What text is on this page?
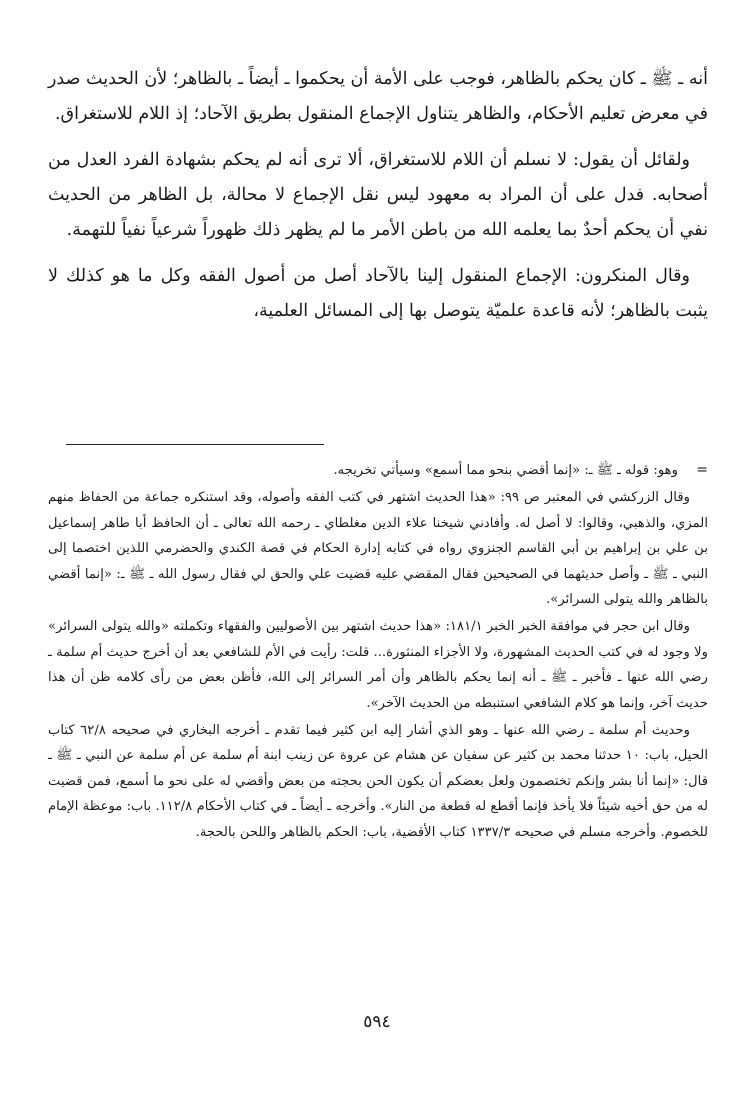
أنه ـ ﷺ ـ كان يحكم بالظاهر، فوجب على الأمة أن يحكموا ـ أيضاً ـ بالظاهر؛ لأن الحديث صدر في معرض تعليم الأحكام، والظاهر يتناول الإجماع المنقول بطريق الآحاد؛ إذ اللام للاستغراق.

ولقائل أن يقول: لا نسلم أن اللام للاستغراق، ألا ترى أنه لم يحكم بشهادة الفرد العدل من أصحابه. فدل على أن المراد به معهود ليس نقل الإجماع لا محالة، بل الظاهر من الحديث نفي أن يحكم أحدٌ بما يعلمه الله من باطن الأمر ما لم يظهر ذلك ظهوراً شرعياً نفياً للتهمة.

وقال المنكرون: الإجماع المنقول إلينا بالآحاد أصل من أصول الفقه وكل ما هو كذلك لا يثبت بالظاهر؛ لأنه قاعدة علميّة يتوصل بها إلى المسائل العلمية،

=

وهو: قوله ـ ﷺ ـ: «إنما أقضي بنحو مما أسمع» وسيأتي تخريجه.

وقال الزركشي في المعتبر ص ٩٩: «هذا الحديث اشتهر في كتب الفقه وأصوله، وقد استنكره جماعة من الحفاظ منهم المزي، والذهبي، وقالوا: لا أصل له. وأفادني شيخنا علاء الدين مغلطاي ـ رحمه الله تعالى ـ أن الحافظ أبا طاهر إسماعيل بن علي بن إبراهيم بن أبي القاسم الجنزوي رواه في كتابه إدارة الحكام في قصة الكندي والحضرمي اللذين اختصما إلى النبي ـ ﷺ ـ وأصل حديثهما في الصحيحين فقال المقضي عليه قضيت علي والحق لي فقال رسول الله ـ ﷺ ـ: «إنما أقضي بالظاهر والله يتولى السرائر».

وقال ابن حجر في موافقة الخبر الخبر ١٨١/١: «هذا حديث اشتهر بين الأصوليين والفقهاء وتكملته «والله يتولى السرائر» ولا وجود له في كتب الحديث المشهورة، ولا الأجزاء المنثورة... قلت: رأيت في الأم للشافعي بعد أن أخرج حديث أم سلمة ـ رضي الله عنها ـ فأخبر ـ ﷺ ـ أنه إنما يحكم بالظاهر وأن أمر السرائر إلى الله، فأظن بعض من رأى كلامه ظن أن هذا حديث آخر، وإنما هو كلام الشافعي استنبطه من الحديث الآخر».

وحديث أم سلمة ـ رضي الله عنها ـ وهو الذي أشار إليه ابن كثير فيما تقدم ـ أخرجه البخاري في صحيحه ٦٢/٨ كتاب الحيل، باب: ١٠ حدثنا محمد بن كثير عن سفيان عن هشام عن عروة عن زينب ابنة أم سلمة عن أم سلمة عن النبي ـ ﷺ ـ قال: «إنما أنا بشر وإنكم تختصمون ولعل بعضكم أن يكون الحن بحجته من بعض وأقضي له على نحو ما أسمع، فمن قضيت له من حق أخيه شيئاً فلا يأخذ فإنما أقطع له قطعة من النار». وأخرجه ـ أيضاً ـ في كتاب الأحكام ١١٢/٨. باب: موعظة الإمام للخصوم. وأخرجه مسلم في صحيحه ١٣٣٧/٣ كتاب الأقضية، باب: الحكم بالظاهر واللحن بالحجة.

٥٩٤
